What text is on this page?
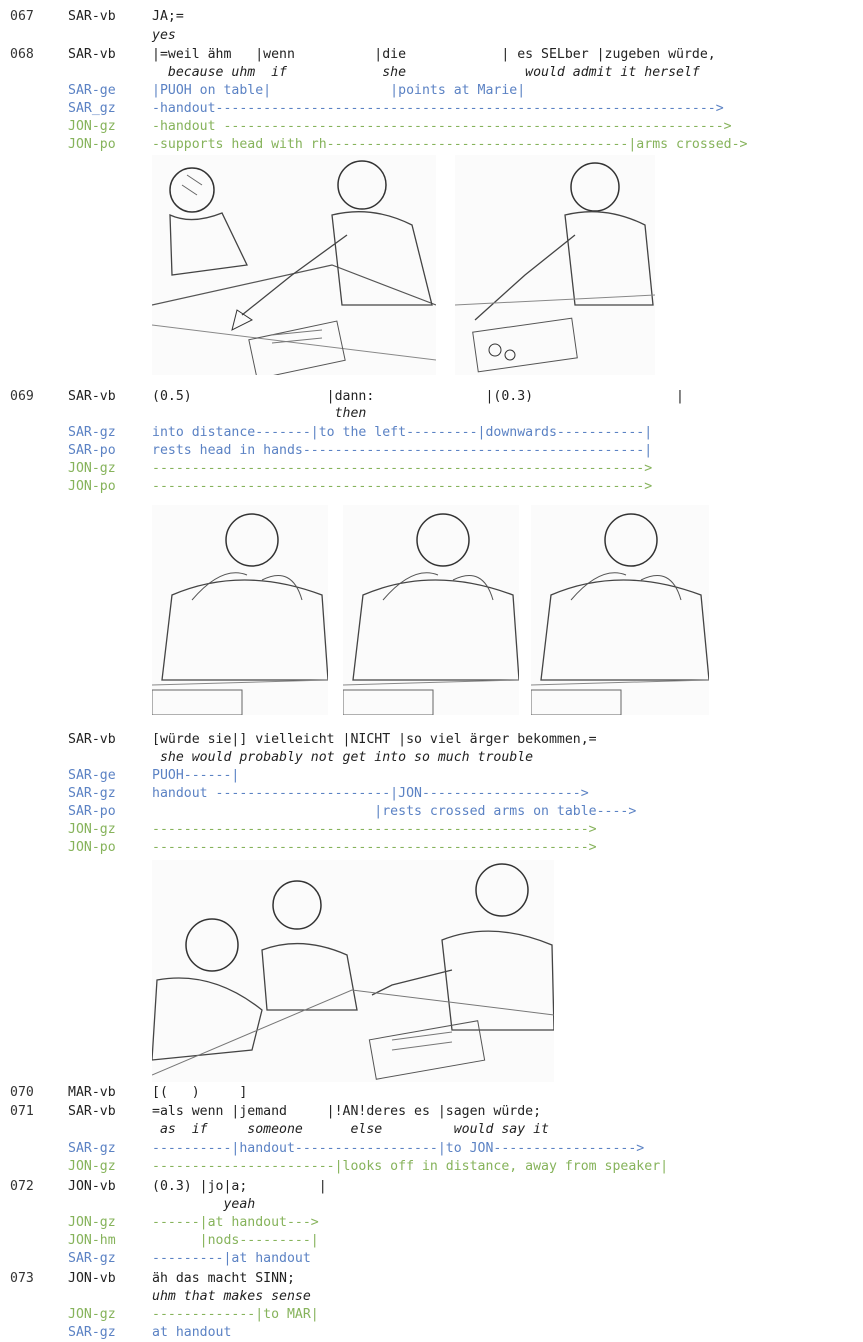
067	SAR-vb	JA;=
yes
068	SAR-vb	|=weil ähm   |wenn          |die            | es SELber |zugeben würde,
because uhm  if            she               would admit it herself
SAR-ge	|PUOH on table|               |points at Marie|
SAR_gz	-handout--------------------------------------------------------------->
JON-gz	-handout --------------------------------------------------------------->
JON-po	-supports head with rh--------------------------------------|arms crossed->
069	SAR-vb	(0.5)                 |dann:              |(0.3)                  |
then
SAR-gz	into distance-------|to the left---------|downwards-----------|
SAR-po	rests head in hands-------------------------------------------|
JON-gz	-------------------------------------------------------------->
JON-po	-------------------------------------------------------------->
SAR-vb	[würde sie|] vielleicht |NICHT |so viel ärger bekommen,=
she would probably not get into so much trouble
SAR-ge	PUOH------|
SAR-gz	handout ----------------------|JON-------------------->
SAR-po	|rests crossed arms on table---->
JON-gz	------------------------------------------------------->
JON-po	------------------------------------------------------->
070	MAR-vb	[(   )     ]
071	SAR-vb	=als wenn |jemand     |!AN!deres es |sagen würde;
as  if     someone      else         would say it
SAR-gz	----------|handout------------------|to JON------------------>
JON-gz	-----------------------|looks off in distance, away from speaker|
072	JON-vb	(0.3) |jo|a;         |
yeah
JON-gz	------|at handout--->
JON-hm	|nods---------|
SAR-gz	---------|at handout
073	JON-vb	äh das macht SINN;
uhm that makes sense
JON-gz	-------------|to MAR|
SAR-gz	at handout
